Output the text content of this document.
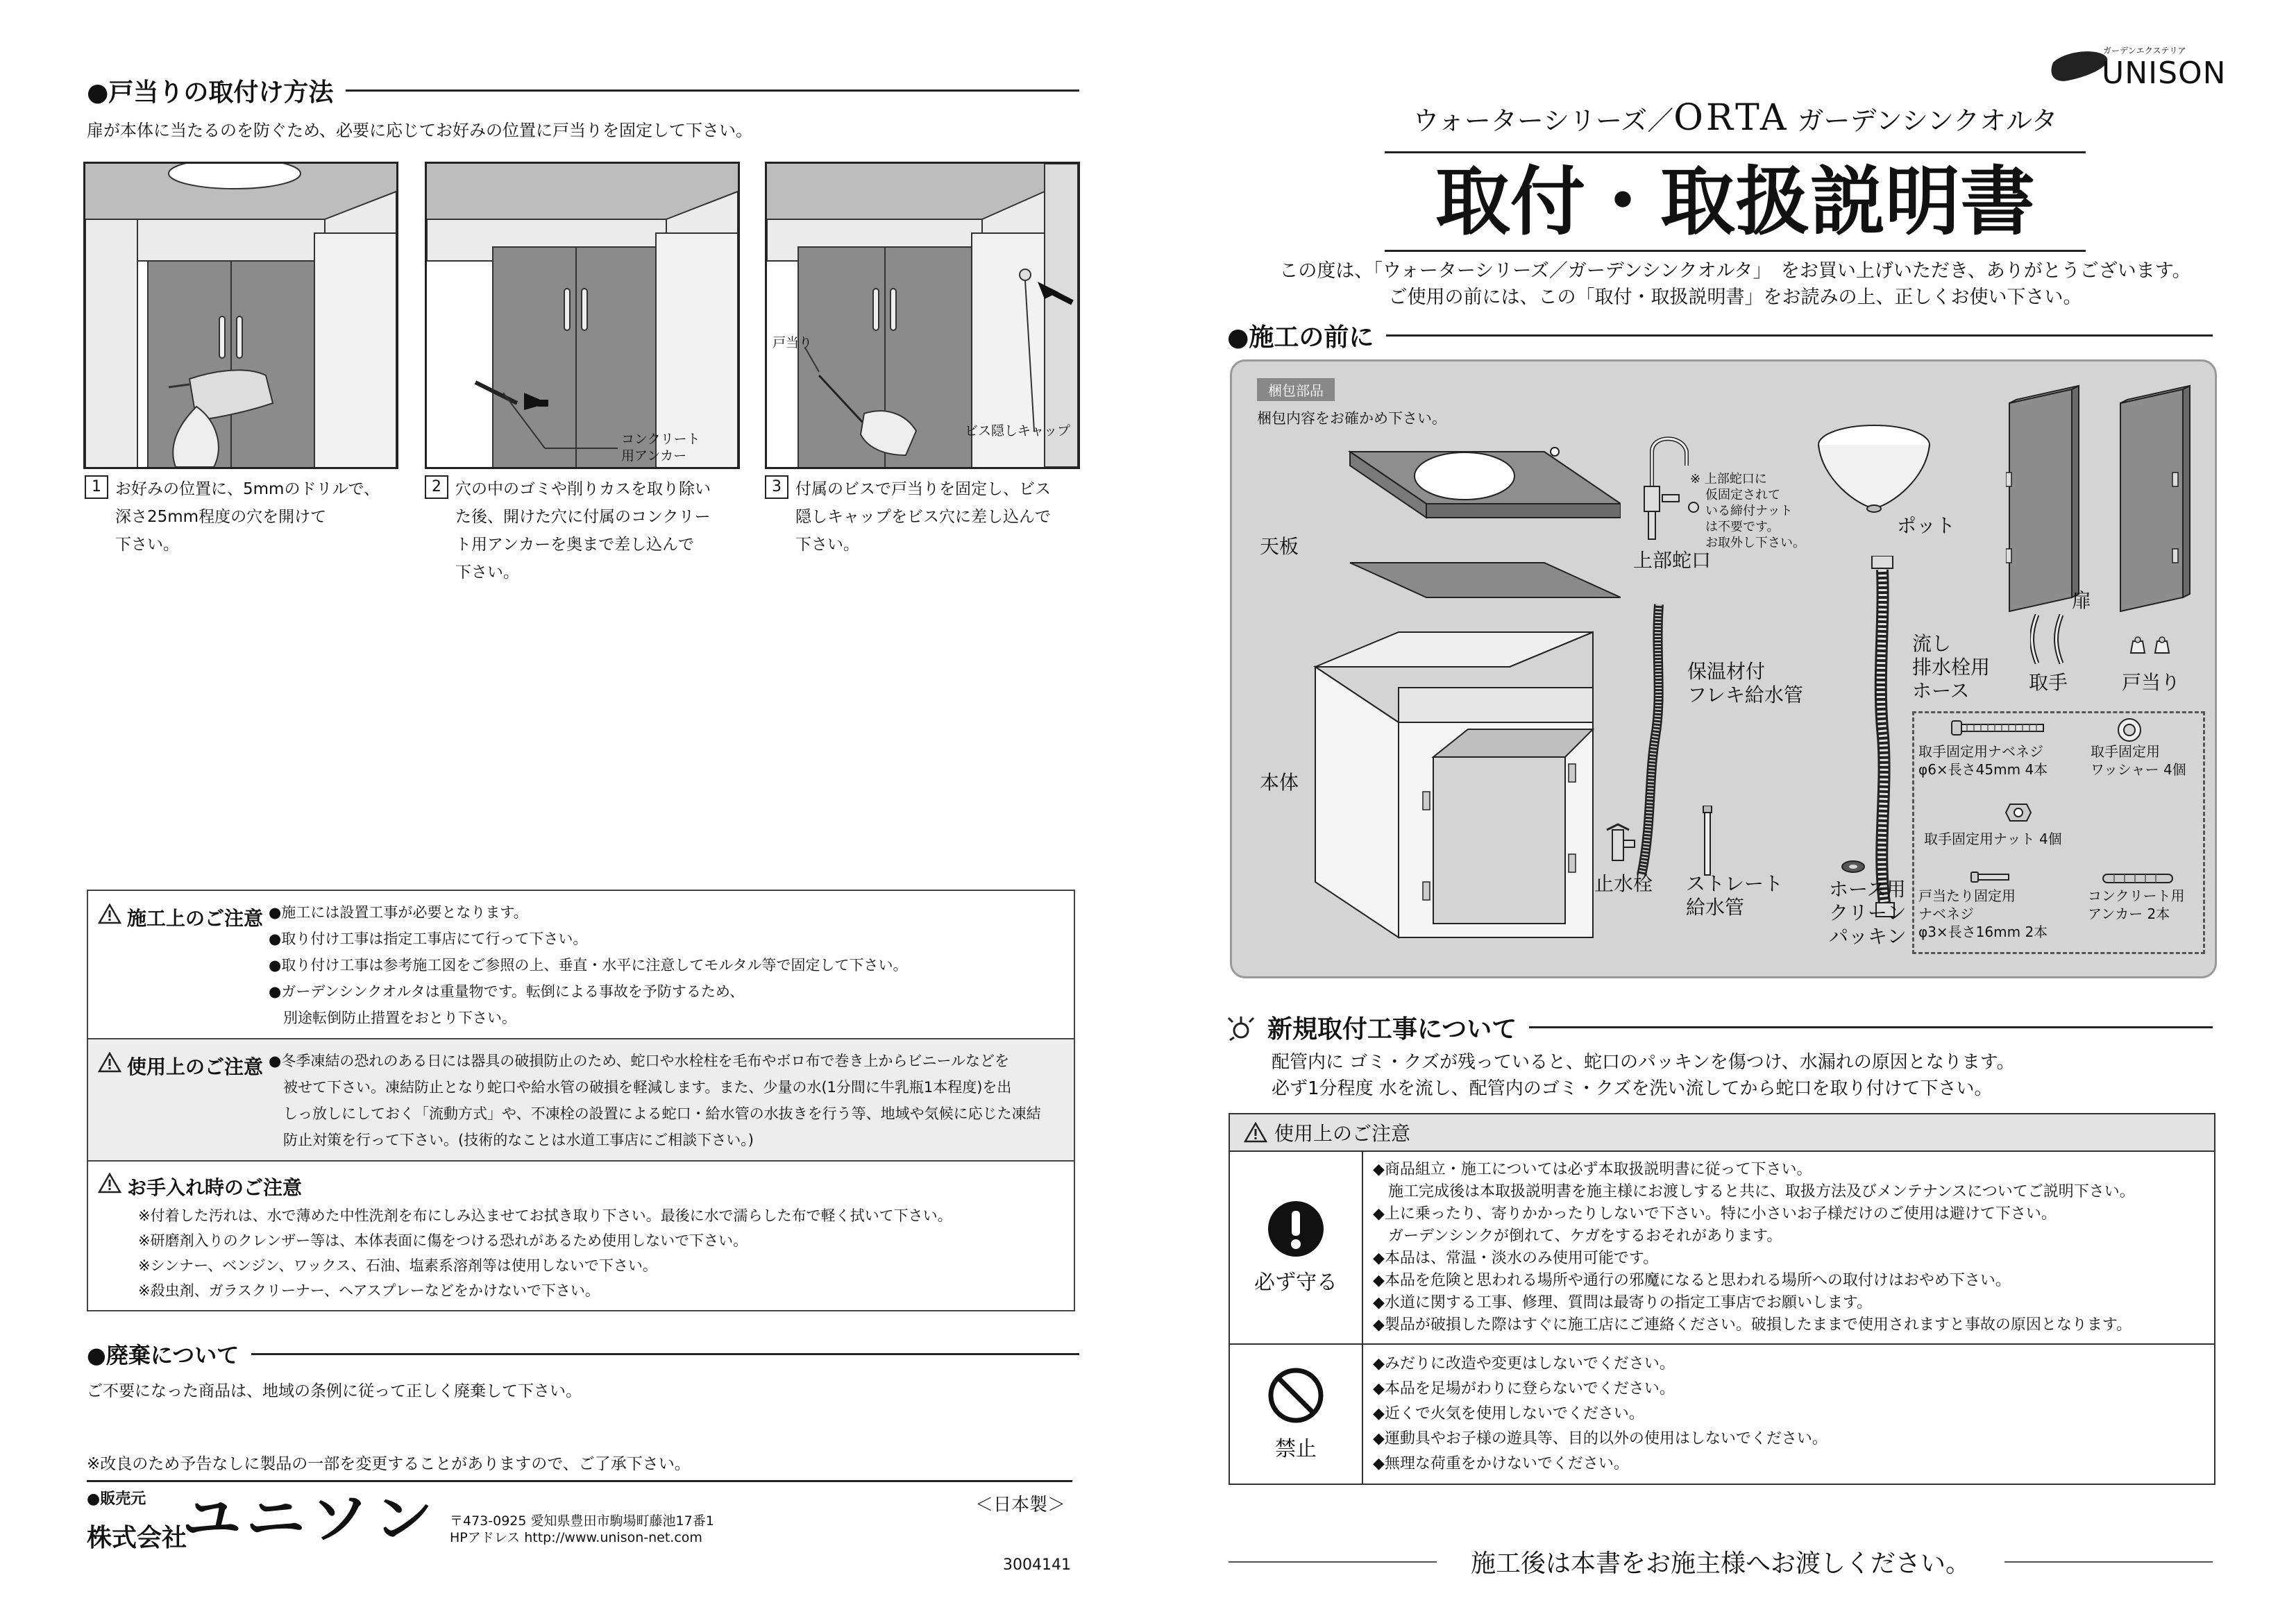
●戸当りの取付け方法
扉が本体に当たるのを防ぐため、必要に応じてお好みの位置に戸当りを固定して下さい。
コンクリート
用アンカー
戸当り
ビス隠しキャップ
1 お好みの位置に、5mmのドリルで、
深さ25mm程度の穴を開けて
下さい。
2 穴の中のゴミや削りカスを取り除い
た後、開けた穴に付属のコンクリー
ト用アンカーを奥まで差し込んで
下さい。
3 付属のビスで戸当りを固定し、ビス
隠しキャップをビス穴に差し込んで
下さい。
施工上のご注意 ●施工には設置工事が必要となります。
●取り付け工事は指定工事店にて行って下さい。
●取り付け工事は参考施工図をご参照の上、垂直・水平に注意してモルタル等で固定して下さい。
●ガーデンシンクオルタは重量物です。転倒による事故を予防するため、
　別途転倒防止措置をおとり下さい。
使用上のご注意 ●冬季凍結の恐れのある日には器具の破損防止のため、蛇口や水栓柱を毛布やボロ布で巻き上からビニールなどを
　被せて下さい。凍結防止となり蛇口や給水管の破損を軽減します。また、少量の水(1分間に牛乳瓶1本程度)を出
　しっ放しにしておく「流動方式」や、不凍栓の設置による蛇口・給水管の水抜きを行う等、地域や気候に応じた凍結
　防止対策を行って下さい。(技術的なことは水道工事店にご相談下さい。)
お手入れ時のご注意
※付着した汚れは、水で薄めた中性洗剤を布にしみ込ませてお拭き取り下さい。最後に水で濡らした布で軽く拭いて下さい。
※研磨剤入りのクレンザー等は、本体表面に傷をつける恐れがあるため使用しないで下さい。
※シンナー、ベンジン、ワックス、石油、塩素系溶剤等は使用しないで下さい。
※殺虫剤、ガラスクリーナー、ヘアスプレーなどをかけないで下さい。
●廃棄について
ご不要になった商品は、地域の条例に従って正しく廃棄して下さい。
※改良のため予告なしに製品の一部を変更することがありますので、ご了承下さい。
●販売元
株式会社
ユニソン 〒473-0925 愛知県豊田市駒場町藤池17番1
HPアドレス http://www.unison-net.com
＜日本製＞
3004141
ガーデンエクステリア
UNISON
ウォーターシリーズ／ORTA ガーデンシンクオルタ
取付・取扱説明書
この度は、「ウォーターシリーズ／ガーデンシンクオルタ」　をお買い上げいただき、ありがとうございます。
ご使用の前には、この「取付・取扱説明書」をお読みの上、正しくお使い下さい。
●施工の前に
梱包部品
梱包内容をお確かめ下さい。
天板
本体
※ 上部蛇口に
仮固定されて
いる締付ナット
は不要です。
お取外し下さい。
上部蛇口
ポット
扉
保温材付
フレキ給水管
流し
排水栓用
ホース	取手	戸当り
止水栓 ストレート
給水管
ホース用
クリーン
パッキン
取手固定用ナベネジ
φ6×長さ45mm 4本
取手固定用
ワッシャー 4個
取手固定用ナット 4個
戸当たり固定用
ナベネジ
φ3×長さ16mm 2本
コンクリート用
アンカー 2本
新規取付工事について
配管内に ゴミ・クズが残っていると、蛇口のパッキンを傷つけ、水漏れの原因となります。
必ず1分程度 水を流し、配管内のゴミ・クズを洗い流してから蛇口を取り付けて下さい。
使用上のご注意
必ず守る
◆商品組立・施工については必ず本取扱説明書に従って下さい。
　施工完成後は本取扱説明書を施主様にお渡しすると共に、取扱方法及びメンテナンスについてご説明下さい。
◆上に乗ったり、寄りかかったりしないで下さい。特に小さいお子様だけのご使用は避けて下さい。
　ガーデンシンクが倒れて、ケガをするおそれがあります。
◆本品は、常温・淡水のみ使用可能です。
◆本品を危険と思われる場所や通行の邪魔になると思われる場所への取付けはおやめ下さい。
◆水道に関する工事、修理、質問は最寄りの指定工事店でお願いします。
◆製品が破損した際はすぐに施工店にご連絡ください。破損したままで使用されますと事故の原因となります。
禁止
◆みだりに改造や変更はしないでください。
◆本品を足場がわりに登らないでください。
◆近くで火気を使用しないでください。
◆運動具やお子様の遊具等、目的以外の使用はしないでください。
◆無理な荷重をかけないでください。
施工後は本書をお施主様へお渡しください。
